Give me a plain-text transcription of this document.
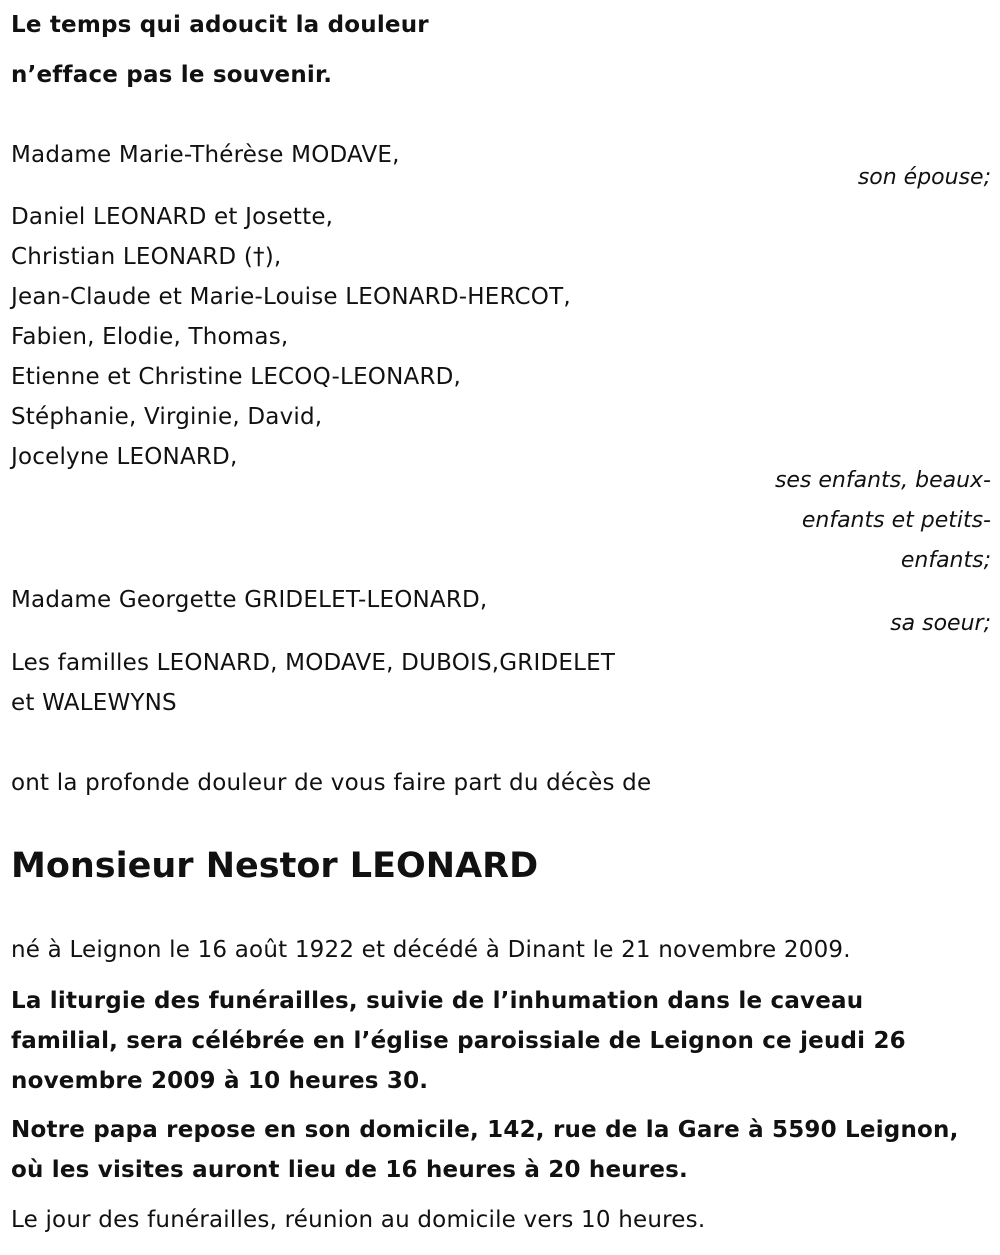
Le temps qui adoucit la douleur
n’efface pas le souvenir.
Madame Marie-Thérèse MODAVE,
son épouse;
Daniel LEONARD et Josette,
Christian LEONARD (†),
Jean-Claude et Marie-Louise LEONARD-HERCOT,
Fabien, Elodie, Thomas,
Etienne et Christine LECOQ-LEONARD,
Stéphanie, Virginie, David,
Jocelyne LEONARD,
ses enfants, beaux-
enfants et petits-
enfants;
Madame Georgette GRIDELET-LEONARD,
sa soeur;
Les familles LEONARD, MODAVE, DUBOIS,GRIDELET
et WALEWYNS
ont la profonde douleur de vous faire part du décès de
Monsieur Nestor LEONARD
né à Leignon le 16 août 1922 et décédé à Dinant le 21 novembre 2009.
La liturgie des funérailles, suivie de l’inhumation dans le caveau
familial, sera célébrée en l’église paroissiale de Leignon ce jeudi 26
novembre 2009 à 10 heures 30.
Notre papa repose en son domicile, 142, rue de la Gare à 5590 Leignon,
où les visites auront lieu de 16 heures à 20 heures.
Le jour des funérailles, réunion au domicile vers 10 heures.
